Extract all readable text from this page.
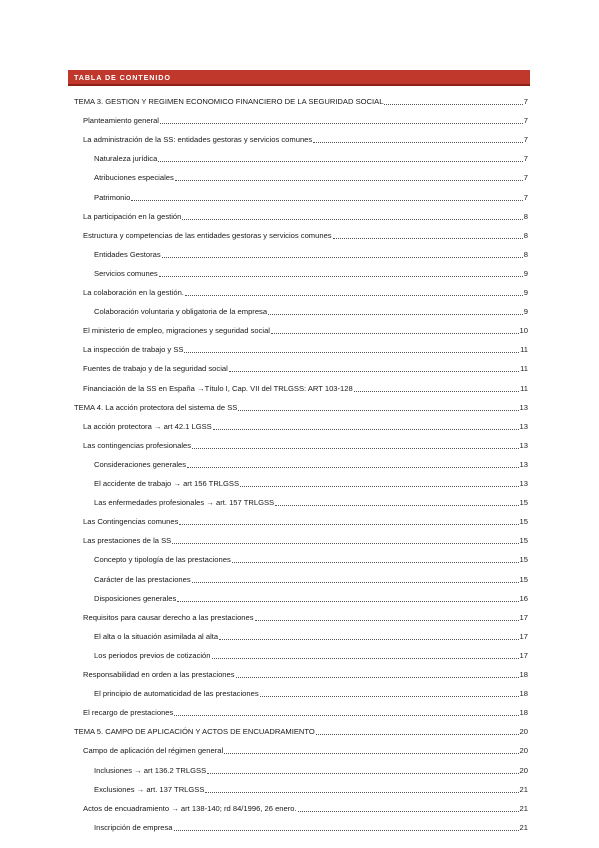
TABLA DE CONTENIDO
TEMA 3. GESTION Y REGIMEN ECONOMICO FINANCIERO DE LA SEGURIDAD SOCIAL	7
Planteamiento general	7
La administración de la SS: entidades gestoras y servicios comunes	7
Naturaleza jurídica	7
Atribuciones especiales	7
Patrimonio	7
La participación en la gestión	8
Estructura y competencias de las entidades gestoras y servicios comunes	8
Entidades Gestoras	8
Servicios comunes	9
La colaboración en la gestión.	9
Colaboración voluntaria y obligatoria de la empresa	9
El ministerio de empleo, migraciones y seguridad social	10
La inspección de trabajo y SS	11
Fuentes de trabajo y de la seguridad social	11
Financiación de la SS en España →Título I, Cap. VII del TRLGSS: ART 103-128	11
TEMA 4. La acción protectora del sistema de SS	13
La acción protectora → art 42.1 LGSS	13
Las contingencias profesionales	13
Consideraciones generales	13
El accidente de trabajo → art 156 TRLGSS	13
Las enfermedades profesionales → art. 157 TRLGSS	15
Las Contingencias comunes	15
Las prestaciones de la SS	15
Concepto y tipología de las prestaciones	15
Carácter de las prestaciones	15
Disposiciones generales	16
Requisitos para causar derecho a las prestaciones	17
El alta o la situación asimilada al alta	17
Los periodos previos de cotización	17
Responsabilidad en orden a las prestaciones	18
El principio de automaticidad de las prestaciones	18
El recargo de prestaciones	18
TEMA 5. CAMPO DE APLICACIÓN Y ACTOS DE ENCUADRAMIENTO	20
Campo de aplicación del régimen general	20
Inclusiones → art 136.2 TRLGSS	20
Exclusiones → art. 137 TRLGSS	21
Actos de encuadramiento → art 138-140; rd 84/1996, 26 enero.	21
Inscripción de empresa	21
